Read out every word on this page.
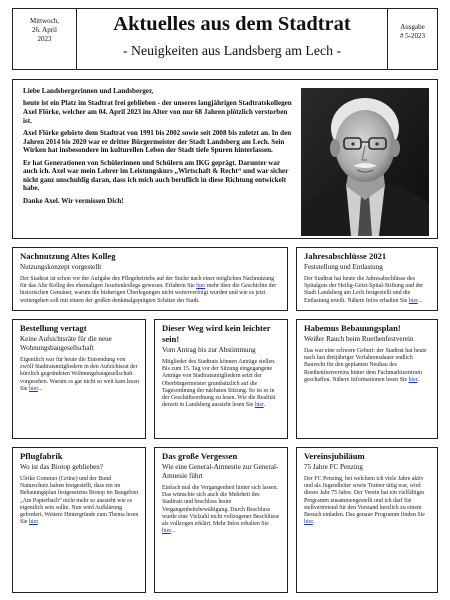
Mittwoch,
26. April
2023
Aktuelles aus dem Stadtrat
- Neuigkeiten aus Landsberg am Lech -
Ausgabe
# 5-2023

Liebe Landsbergerinnen und Landsberger,

heute ist ein Platz im Stadtrat frei geblieben - der unseres langjährigen Stadtratskollegen Axel Flörke, welcher am 04. April 2023 im Alter von nur 68 Jahren plötzlich verstorben ist.

Axel Flörke gehörte dem Stadtrat von 1991 bis 2002 sowie seit 2008 bis zuletzt an. In den Jahren 2014 bis 2020 war er dritter Bürgermeister der Stadt Landsberg am Lech. Sein Wirken hat insbesondere im kulturellen Leben der Stadt tiefe Spuren hinterlassen.

Er hat Generationen von Schülerinnen und Schülern am IKG geprägt. Darunter war auch ich. Axel war mein Lehrer im Leistungskurs „Wirtschaft & Recht“ und war sicher nicht ganz unschuldig daran, dass ich mich auch beruflich in diese Richtung entwickelt habe.

Danke Axel. Wir vermissen Dich!

Nachnutzung Altes Kolleg
Nutzungskonzept vorgestellt
Der Stadtrat ist schon vor der Aufgabe des Pflegebetriebs auf der Suche nach einer möglichen Nachnutzung für das Alte Kolleg des ehemaligen Jesuitenkollegs gewesen. Erfahren Sie hier mehr über die Geschichte der historischen Gemäuer, warum die bisherigen Überlegungen nicht weiterverfolgt wurden und wie es jetzt weitergehen soll mit einem der großen denkmalgeprägten Schätze der Stadt.
Jahresabschlüsse 2021
Feststellung und Entlastung
Der Stadtrat hat heute die Jahresabschlüsse des Spitalguts der Heilig-Geist-Spital-Stiftung und der Stadt Landsberg am Lech festgestellt und die Entlastung erteilt. Nähere Infos erhalten Sie hier...
Bestellung vertagt
Keine Aufsichtsräte für die neue Wohnungsbaugesellschaft
Eigentlich war für heute die Entsendung von zwölf Stadtratsmitgliedern in den Aufsichtsrat der kürzlich gegründeten Wohnungsbaugesellschaft vorgesehen. Warum es gar nicht so weit kam lesen Sie hier...
Dieser Weg wird kein leichter sein!
Vom Antrag bis zur Abstimmung
Mitglieder des Stadtrats können Anträge stellen. Bis zum 15. Tag vor der Sitzung eingegangene Anträge von Stadtratsmitgliedern setzt der Oberbürgermeister grundsätzlich auf die Tagesordnung der nächsten Sitzung. So ist es in der Geschäftsordnung zu lesen. Wie die Realität derzeit in Landsberg aussieht lesen Sie hier.
Habemus Bebauungsplan!
Weißer Rauch beim Ruethenfestverein
Das war eine schwere Geburt: der Stadtrat hat heute nach fast dreijähriger Verfahrensdauer endlich Baurecht für den geplanten Neubau des Ruethenfestvereins hinter dem Fachmarktzentrum geschaffen. Nähere Informationen lesen Sie hier.
Pflugfabrik
Wo ist das Biotop geblieben?
Ulrike Gommer (Grüne) und der Bund Naturschutz haben festgestellt, dass ein im Bebauungsplan festgesetztes Biotop im Baugebiet „Am Papierbach“ nicht mehr so aussieht wie es eigentlich sein sollte. Nun wird Aufklärung gefordert. Weitere Hintergründe zum Thema lesen Sie hier.
Das große Vergessen
Wie eine General-Amnestie zur General-Amnesie führt
Einfach mal die Vergangenheit hinter sich lassen. Das wünschte sich auch die Mehrheit des Stadtrats und beschloss heute Vergangenheitsbewältigung. Durch Beschluss wurde eine Vielzahl nicht vollzogener Beschlüsse als vollzogen erklärt. Mehr Infos erhalten Sie hier...
Vereinsjubiläum
75 Jahre FC Penzing
Der FC Penzing, bei welchem ich viele Jahre aktiv und als Jugendleiter sowie Trainer tätig war, wird dieses Jahr 75 Jahre. Der Verein hat ein vielfältiges Programm zusammengestellt und ich darf Sie stellvertretend für den Vorstand herzlich zu einem Besuch einladen. Das genaue Programm finden Sie hier.
